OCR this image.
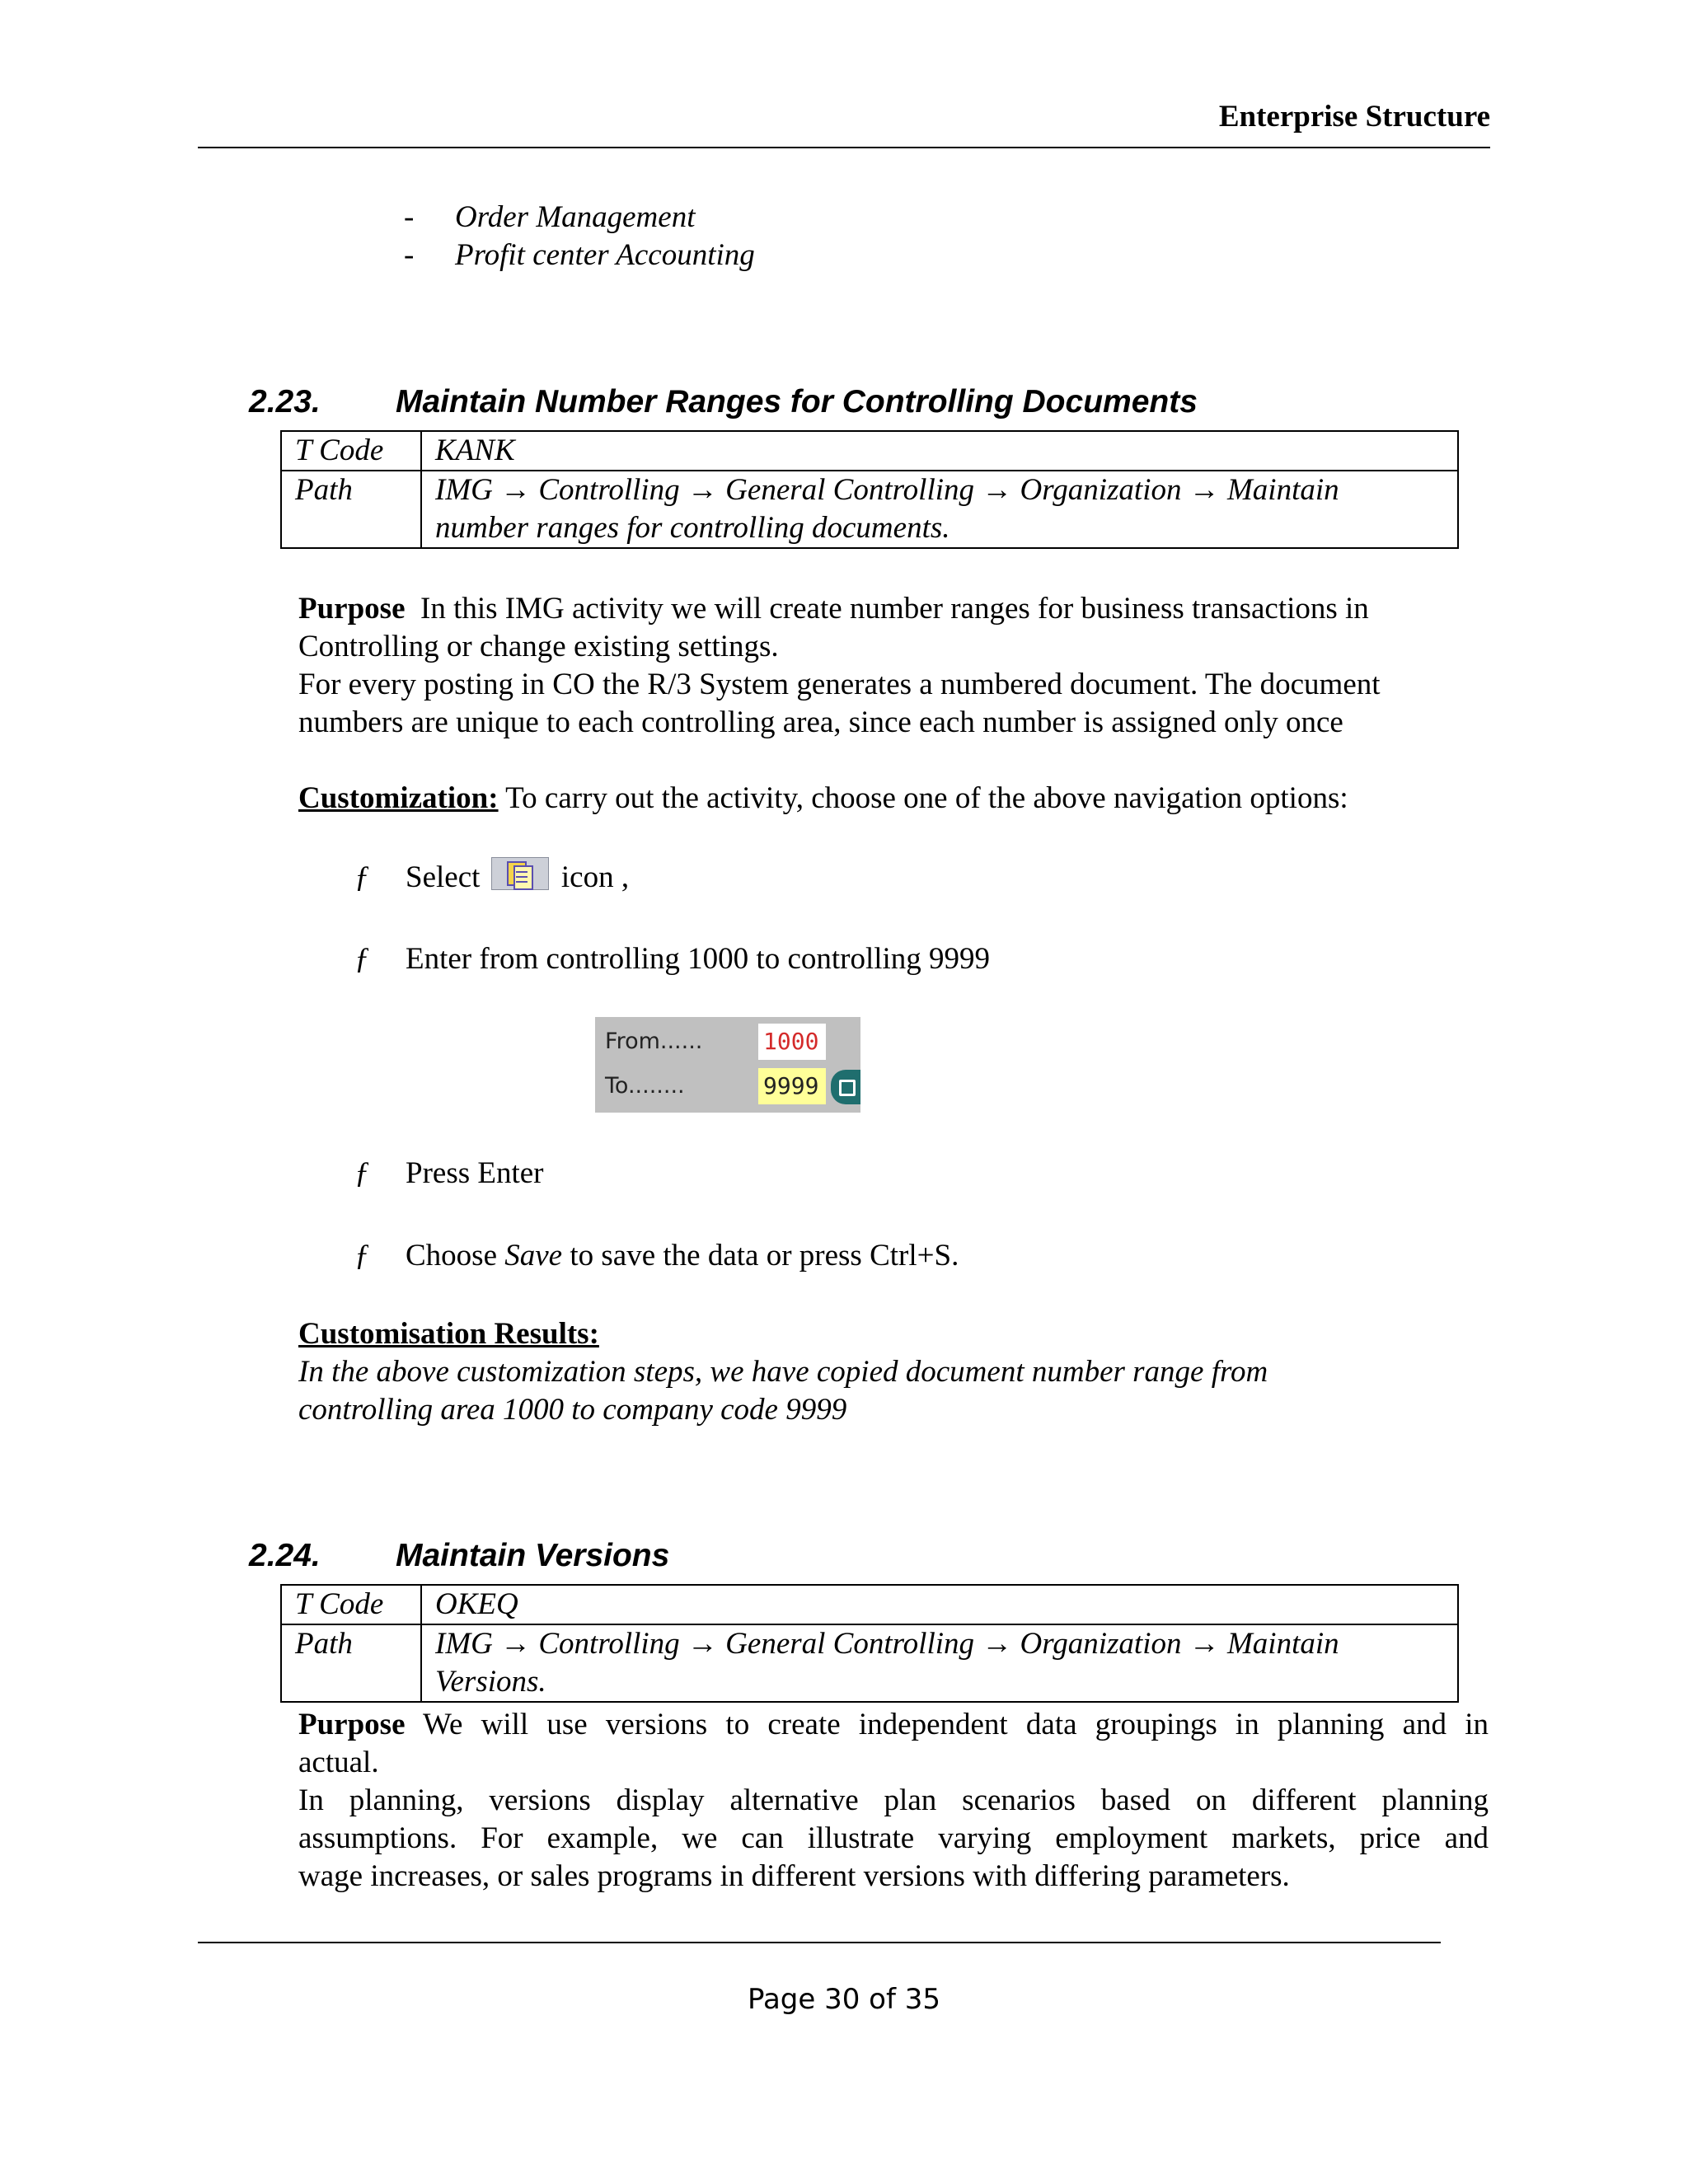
Enterprise Structure
- Order Management
- Profit center Accounting
2.23. Maintain Number Ranges for Controlling Documents
T Code	KANK
Path	IMG → Controlling → General Controlling → Organization → Maintain
number ranges for controlling documents.
Purpose In this IMG activity we will create number ranges for business transactions in
Controlling or change existing settings.
For every posting in CO the R/3 System generates a numbered document. The document
numbers are unique to each controlling area, since each number is assigned only once
Customization: To carry out the activity, choose one of the above navigation options:
ƒ Select	icon ,
ƒ Enter from controlling 1000 to controlling 9999
From......	1000
To........	9999
ƒ Press Enter
ƒ Choose Save to save the data or press Ctrl+S.
Customisation Results:
In the above customization steps, we have copied document number range from
controlling area 1000 to company code 9999
2.24. Maintain Versions
T Code	OKEQ
Path	IMG → Controlling → General Controlling → Organization → Maintain
Versions.
Purpose We will use versions to create independent data groupings in planning and in
actual.
In planning, versions display alternative plan scenarios based on different planning
assumptions. For example, we can illustrate varying employment markets, price and
wage increases, or sales programs in different versions with differing parameters.
Page 30 of 35
